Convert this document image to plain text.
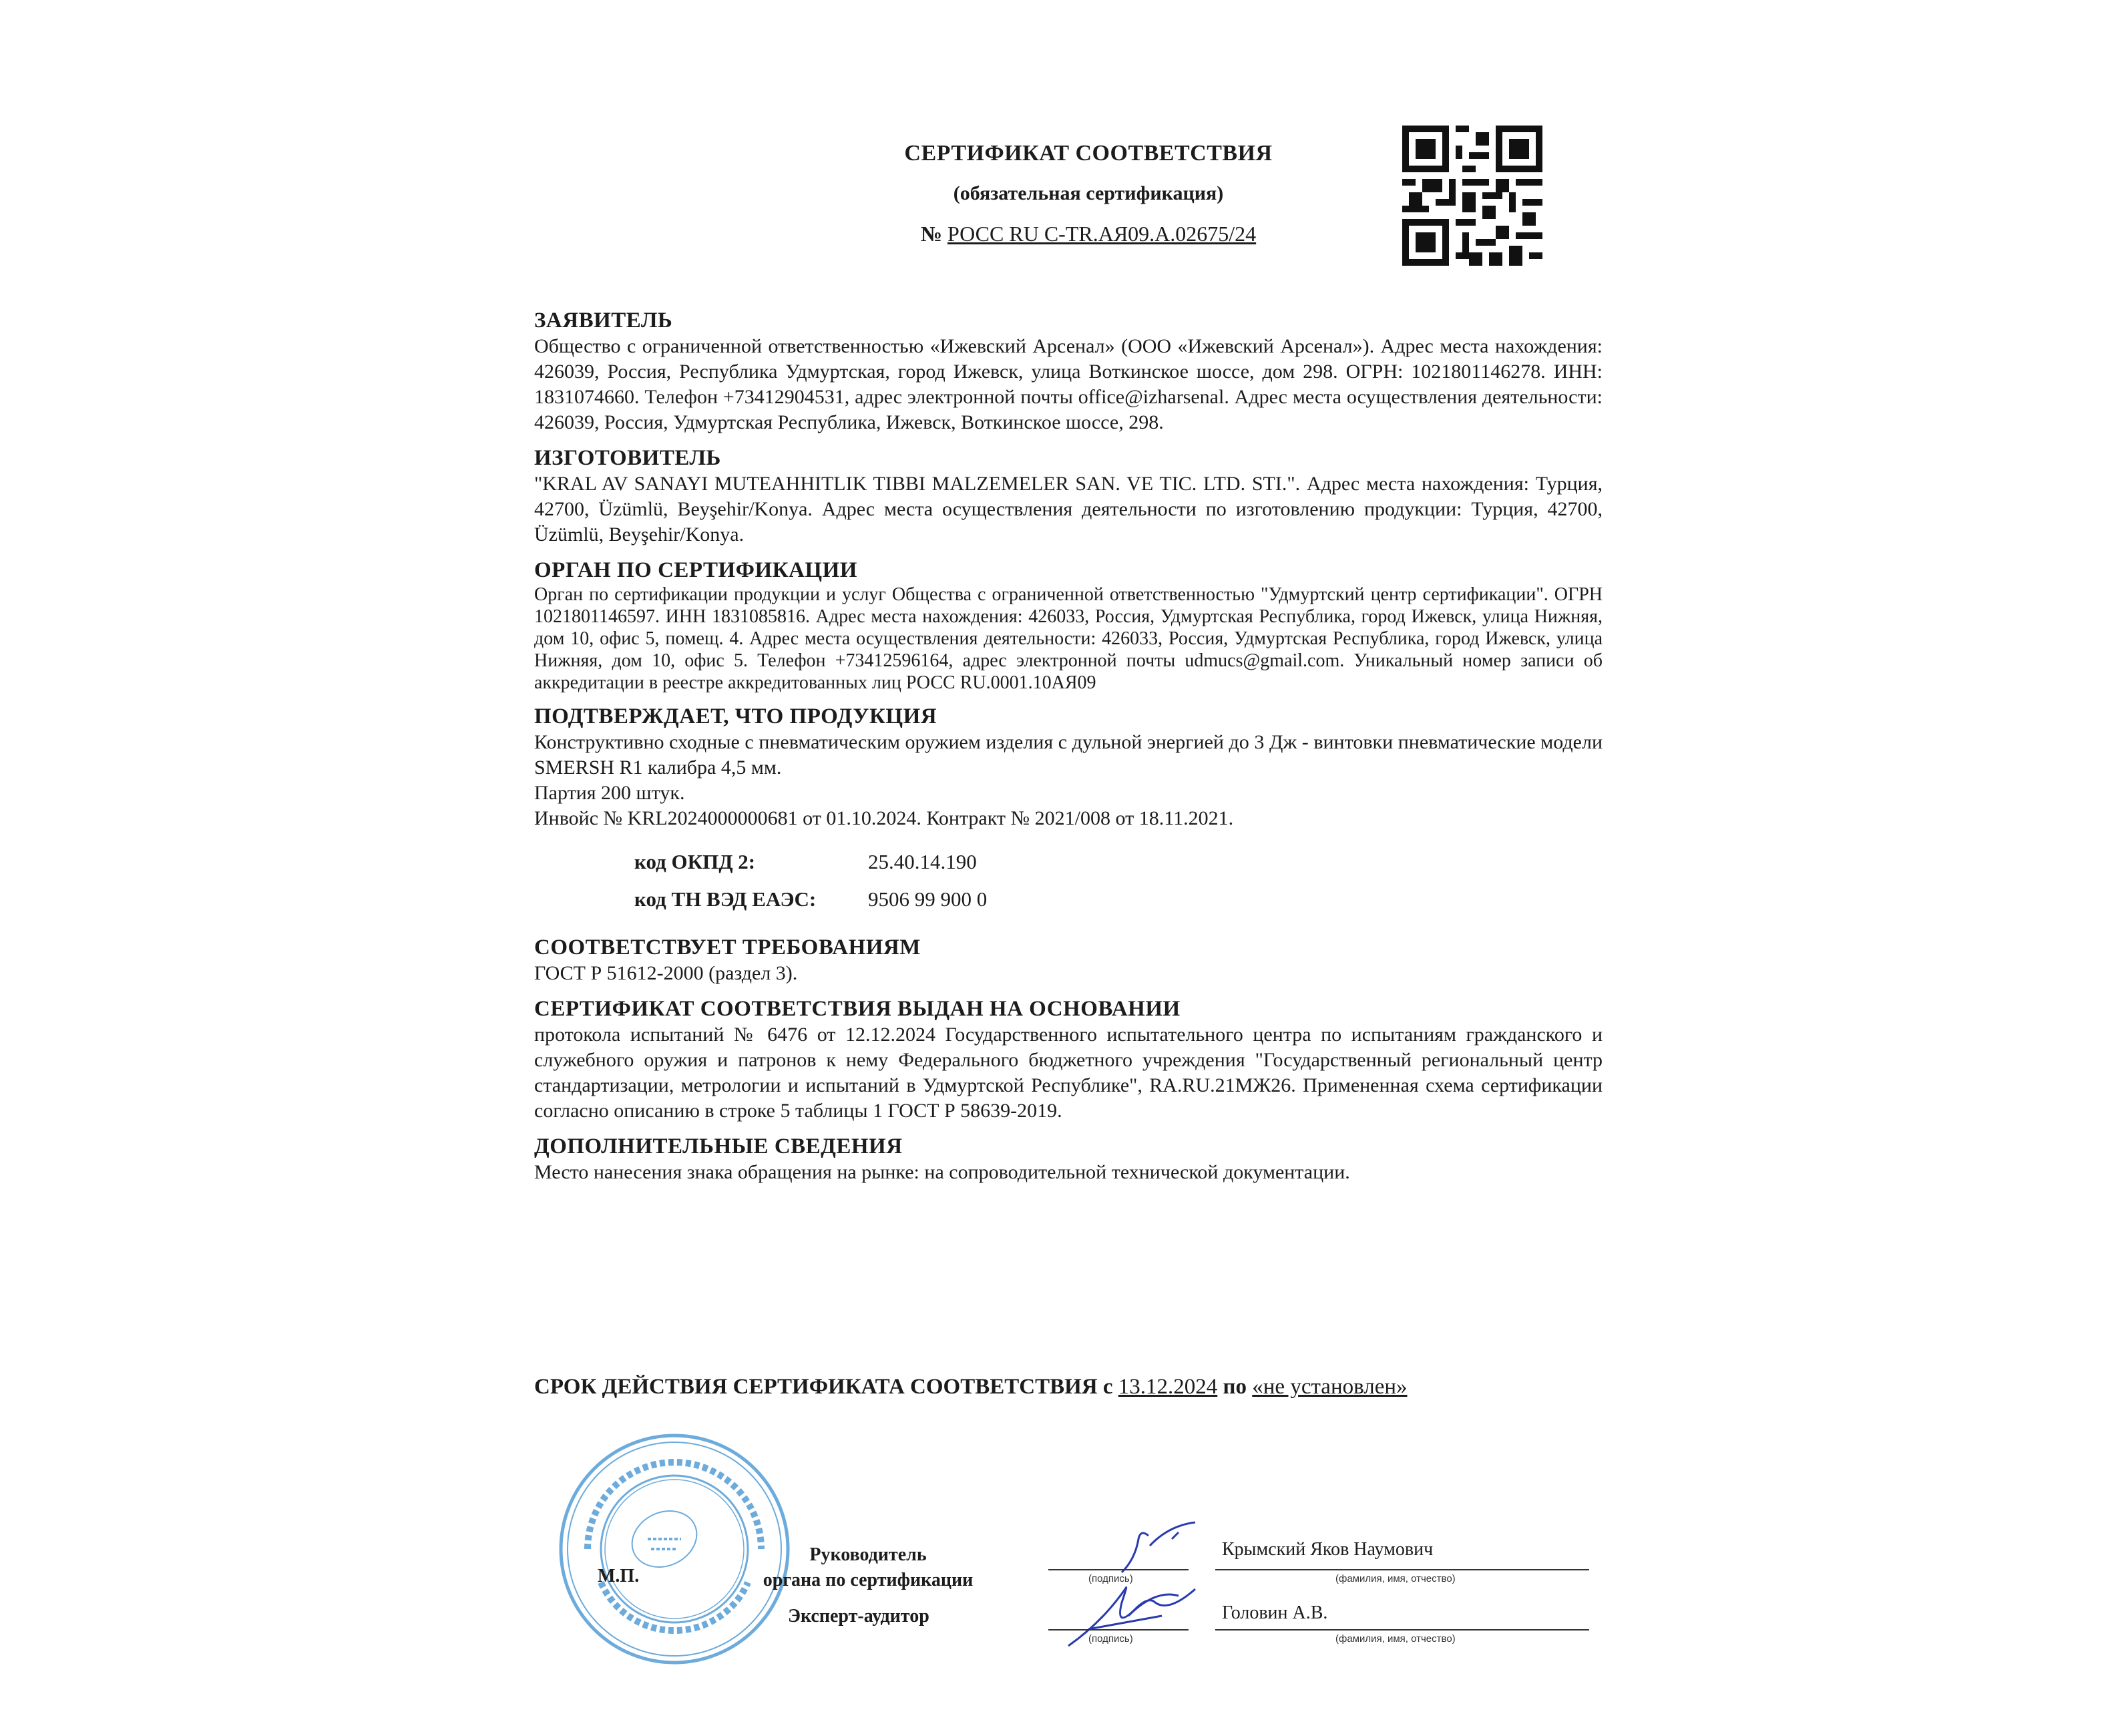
СЕРТИФИКАТ СООТВЕТСТВИЯ
(обязательная сертификация)
№ РОСС RU C-TR.АЯ09.А.02675/24
ЗАЯВИТЕЛЬ
Общество с ограниченной ответственностью «Ижевский Арсенал» (ООО «Ижевский Арсенал»). Адрес места нахождения: 426039, Россия, Республика Удмуртская, город Ижевск, улица Воткинское шоссе, дом 298. ОГРН: 1021801146278. ИНН: 1831074660. Телефон +73412904531, адрес электронной почты office@izharsenal. Адрес места осуществления деятельности: 426039, Россия, Удмуртская Республика, Ижевск, Воткинское шоссе, 298.
ИЗГОТОВИТЕЛЬ
"KRAL AV SANAYI MUTEAHHITLIK TIBBI MALZEMELER SAN. VE TIC. LTD. STI.". Адрес места нахождения: Турция, 42700, Üzümlü, Beyşehir/Konya. Адрес места осуществления деятельности по изготовлению продукции: Турция, 42700, Üzümlü, Beyşehir/Konya.
ОРГАН ПО СЕРТИФИКАЦИИ
Орган по сертификации продукции и услуг Общества с ограниченной ответственностью "Удмуртский центр сертификации". ОГРН 1021801146597. ИНН 1831085816. Адрес места нахождения: 426033, Россия, Удмуртская Республика, город Ижевск, улица Нижняя, дом 10, офис 5, помещ. 4. Адрес места осуществления деятельности: 426033, Россия, Удмуртская Республика, город Ижевск, улица Нижняя, дом 10, офис 5. Телефон +73412596164, адрес электронной почты udmucs@gmail.com. Уникальный номер записи об аккредитации в реестре аккредитованных лиц РОСС RU.0001.10АЯ09
ПОДТВЕРЖДАЕТ, ЧТО ПРОДУКЦИЯ
Конструктивно сходные с пневматическим оружием изделия с дульной энергией до 3 Дж - винтовки пневматические модели SMERSH R1 калибра 4,5 мм.
Партия 200 штук.
Инвойс № KRL2024000000681 от 01.10.2024. Контракт № 2021/008 от 18.11.2021.
код ОКПД 2:	25.40.14.190
код ТН ВЭД ЕАЭС:	9506 99 900 0
СООТВЕТСТВУЕТ ТРЕБОВАНИЯМ
ГОСТ Р 51612-2000 (раздел 3).
СЕРТИФИКАТ СООТВЕТСТВИЯ ВЫДАН НА ОСНОВАНИИ
протокола испытаний № 6476 от 12.12.2024 Государственного испытательного центра по испытаниям гражданского и служебного оружия и патронов к нему Федерального бюджетного учреждения "Государственный региональный центр стандартизации, метрологии и испытаний в Удмуртской Республике", RA.RU.21МЖ26. Примененная схема сертификации согласно описанию в строке 5 таблицы 1 ГОСТ Р 58639-2019.
ДОПОЛНИТЕЛЬНЫЕ СВЕДЕНИЯ
Место нанесения знака обращения на рынке: на сопроводительной технической документации.
СРОК ДЕЙСТВИЯ СЕРТИФИКАТА СООТВЕТСТВИЯ с 13.12.2024 по «не установлен»
М.П.
Руководитель
органа по сертификации
Эксперт-аудитор
(подпись)
Крымский Яков Наумович
(фамилия, имя, отчество)
(подпись)
Головин А.В.
(фамилия, имя, отчество)
